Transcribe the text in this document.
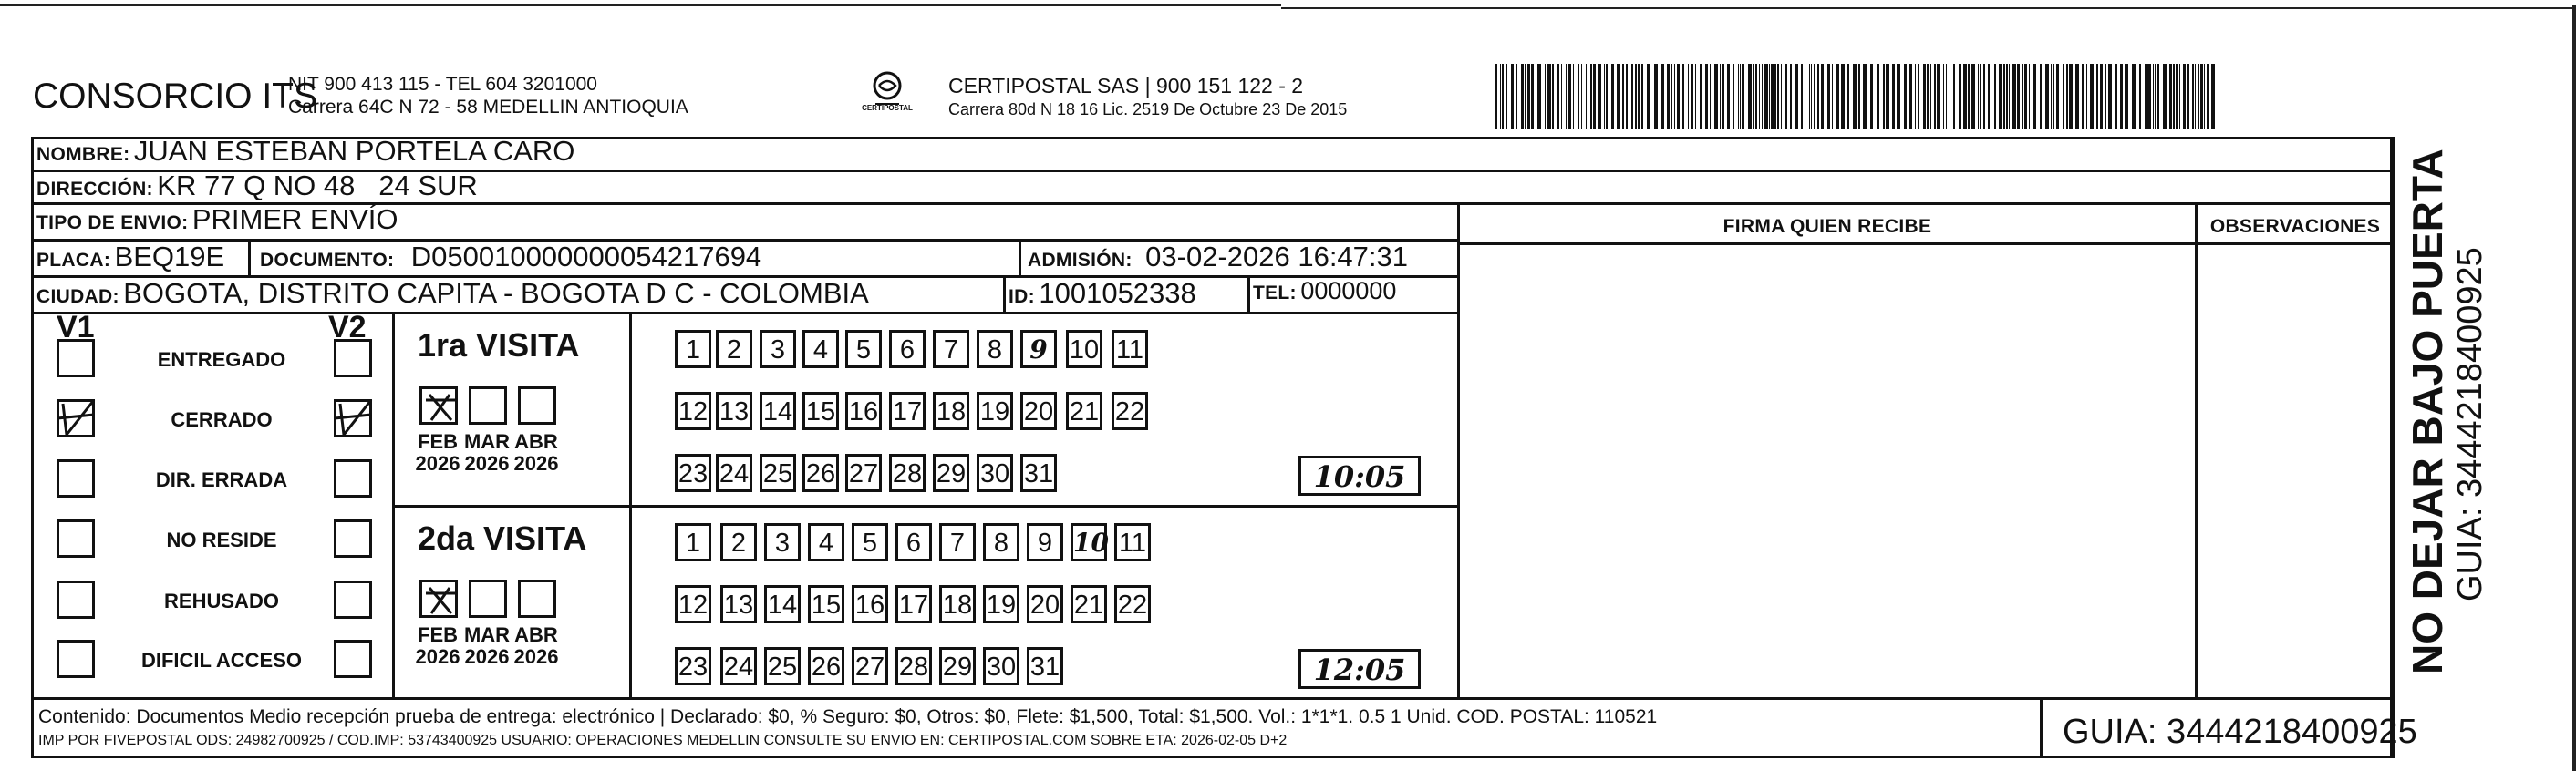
CONSORCIO ITS
NIT 900 413 115 - TEL 604 3201000
Carrera 64C N 72 - 58 MEDELLIN ANTIOQUIA	CERTIPOSTAL
CERTIPOSTAL SAS | 900 151 122 - 2
Carrera 80d N 18 16 Lic. 2519 De Octubre 23 De 2015
NOMBRE: JUAN ESTEBAN PORTELA CARO
DIRECCIÓN: KR 77 Q NO 48   24 SUR
TIPO DE ENVIO: PRIMER ENVÍO
PLACA: BEQ19E DOCUMENTO: D050010000000054217694	ADMISIÓN: 03-02-2026 16:47:31
CIUDAD: BOGOTA, DISTRITO CAPITA - BOGOTA D C - COLOMBIA	ID: 1001052338	TEL: 0000000
FIRMA QUIEN RECIBE	OBSERVACIONES
V1	V2
ENTREGADO
CERRADO
DIR. ERRADA
NO RESIDE
REHUSADO
DIFICIL ACCESO
1ra VISITA
FEB
2026
MAR
2026
ABR
2026
1 2	3	4	5	6	7	8	9 10 11
12 13 14 15 16 17 18 19 20 21 22
23 24 25 26 27 28 29 30 31	10:05
2da VISITA
FEB
2026
MAR
2026
ABR
2026
1	2	3	4	5	6	7	8	9 10 11
12 13 14 15 16 17 18 19 20 21 22
23 24 25 26 27 28 29 30 31	12:05	NO DEJAR BAJO PUERTA GUIA: 3444218400925
Contenido: Documentos Medio recepción prueba de entrega: electrónico | Declarado: $0, % Seguro: $0, Otros: $0, Flete: $1,500, Total: $1,500. Vol.: 1*1*1. 0.5 1 Unid. COD. POSTAL: 110521
IMP POR FIVEPOSTAL ODS: 24982700925 / COD.IMP: 53743400925 USUARIO: OPERACIONES MEDELLIN CONSULTE SU ENVIO EN: CERTIPOSTAL.COM SOBRE ETA: 2026-02-05 D+2	GUIA: 3444218400925
